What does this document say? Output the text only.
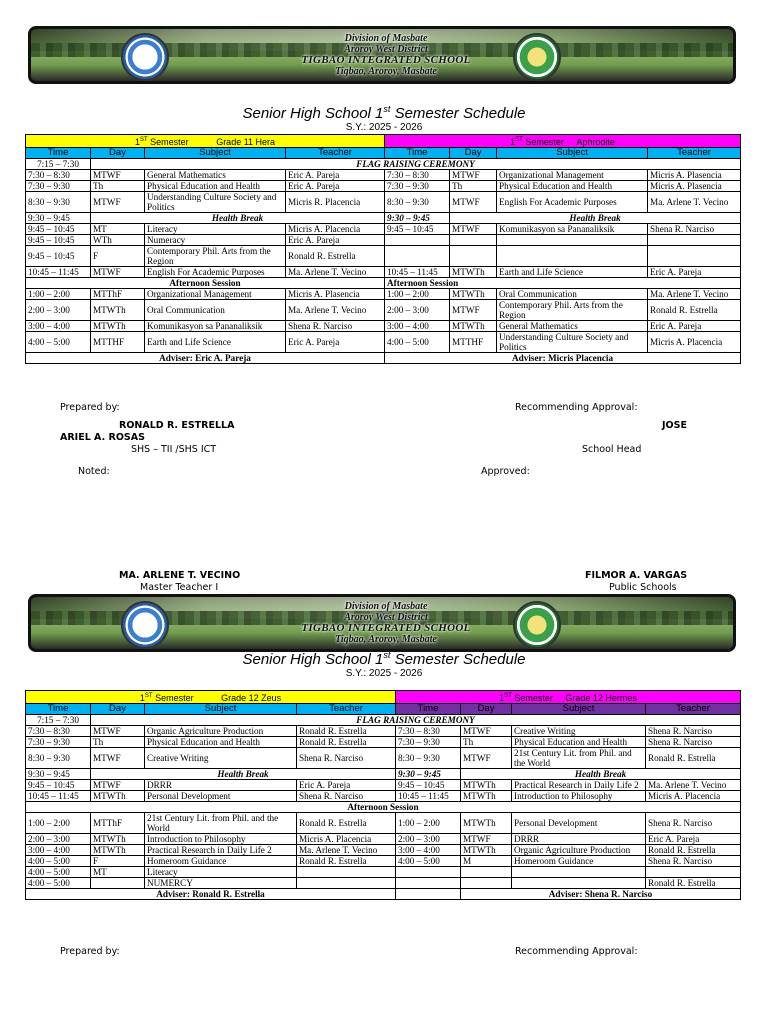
Division of Masbate
Aroroy West District
TIGBAO INTEGRATED SCHOOL
Tigbao, Aroroy, Masbate
Senior High School 1st Semester Schedule
S.Y.: 2025 - 2026
1ST Semester Grade 11 Hera				1ST Semester Aphrodite			
Time	Day	Subject	Teacher	Time	Day	Subject	Teacher
7:15 – 7:30	FLAG RAISING CEREMONY						
7:30 – 8:30	MTWF	General Mathematics	Eric A. Pareja	7:30 – 8:30	MTWF	Organizational Management	Micris A. Plasencia
7:30 – 9:30	Th	Physical Education and Health	Eric A. Pareja	7:30 – 9:30	Th	Physical Education and Health	Micris A. Plasencia
8:30 – 9:30	MTWF	Understanding Culture Society and Politics	Micris R. Placencia	8:30 – 9:30	MTWF	English For Academic Purposes	Ma. Arlene T. Vecino
9:30 – 9:45	Health Break			9:30 – 9:45	Health Break		
9:45 – 10:45	MT	Literacy	Micris A. Placencia	9:45 – 10:45	MTWF	Komunikasyon sa Pananaliksik	Shena R. Narciso
9:45 – 10:45	WTh	Numeracy	Eric A. Pareja				
9:45 – 10:45	F	Contemporary Phil. Arts from the Region	Ronald R. Estrella				
10:45 – 11:45	MTWF	English For Academic Purposes	Ma. Arlene T. Vecino	10:45 – 11:45	MTWTh	Earth and Life Science	Eric A. Pareja
Afternoon Session				Afternoon Session			
1:00 – 2:00	MTThF	Organizational Management	Micris A. Plasencia	1:00 – 2:00	MTWTh	Oral Communication	Ma. Arlene T. Vecino
2:00 – 3:00	MTWTh	Oral Communication	Ma. Arlene T. Vecino	2:00 – 3:00	MTWF	Contemporary Phil. Arts from the Region	Ronald R. Estrella
3:00 – 4:00	MTWTh	Komunikasyon sa Pananaliksik	Shena R. Narciso	3:00 – 4:00	MTWTh	General Mathematics	Eric A. Pareja
4:00 – 5:00	MTTHF	Earth and Life Science	Eric A. Pareja	4:00 – 5:00	MTTHF	Understanding Culture Society and Politics	Micris A. Placencia
Adviser: Eric A. Pareja				Adviser: Micris Placencia			
Prepared by:	Recommending Approval:
RONALD R. ESTRELLA	JOSE
ARIEL A. ROSAS
SHS – TII /SHS ICT	School Head
Noted:	Approved:
MA. ARLENE T. VECINO	FILMOR A. VARGAS
Master Teacher I	Public Schools
Division of Masbate
Aroroy West District
TIGBAO INTEGRATED SCHOOL
Tigbao, Aroroy, Masbate
Senior High School 1st Semester Schedule
S.Y.: 2025 - 2026
1ST Semester Grade 12 Zeus				1ST Semester Grade 12 Hermes			
Time	Day	Subject	Teacher	Time	Day	Subject	Teacher
7:15 – 7:30	FLAG RAISING CEREMONY						
7:30 – 8:30	MTWF	Organic Agriculture Production	Ronald R. Estrella	7:30 – 8:30	MTWF	Creative Writing	Shena R. Narciso
7:30 – 9:30	Th	Physical Education and Health	Ronald R. Estrella	7:30 – 9:30	Th	Physical Education and Health	Shena R. Narciso
8:30 – 9:30	MTWF	Creative Writing	Shena R. Narciso	8:30 – 9:30	MTWF	21st Century Lit. from Phil. and the World	Ronald R. Estrella
9:30 – 9:45	Health Break			9:30 – 9:45	Health Break		
9:45 – 10:45	MTWF	DRRR	Eric A. Pareja	9:45 – 10:45	MTWTh	Practical Research in Daily Life 2	Ma. Arlene T. Vecino
10:45 – 11:45	MTWTh	Personal Development	Shena R. Narciso	10:45 – 11:45	MTWTh	Introduction to Philosophy	Micris A. Placencia
Afternoon Session							
1:00 – 2:00	MTThF	21st Century Lit. from Phil. and the World	Ronald R. Estrella	1:00 – 2:00	MTWTh	Personal Development	Shena R. Narciso
2:00 – 3:00	MTWTh	Introduction to Philosophy	Micris A. Placencia	2:00 – 3:00	MTWF	DRRR	Eric A. Pareja
3:00 – 4:00	MTWTh	Practical Research in Daily Life 2	Ma. Arlene T. Vecino	3:00 – 4:00	MTWTh	Organic Agriculture Production	Ronald R. Estrella
4:00 – 5:00	F	Homeroom Guidance	Ronald R. Estrella	4:00 – 5:00	M	Homeroom Guidance	Shena R. Narciso
4:00 – 5:00	MT	Literacy					
4:00 – 5:00		NUMERCY					Ronald R. Estrella
Adviser: Ronald R. Estrella					Adviser: Shena R. Narciso		
Prepared by:	Recommending Approval:
